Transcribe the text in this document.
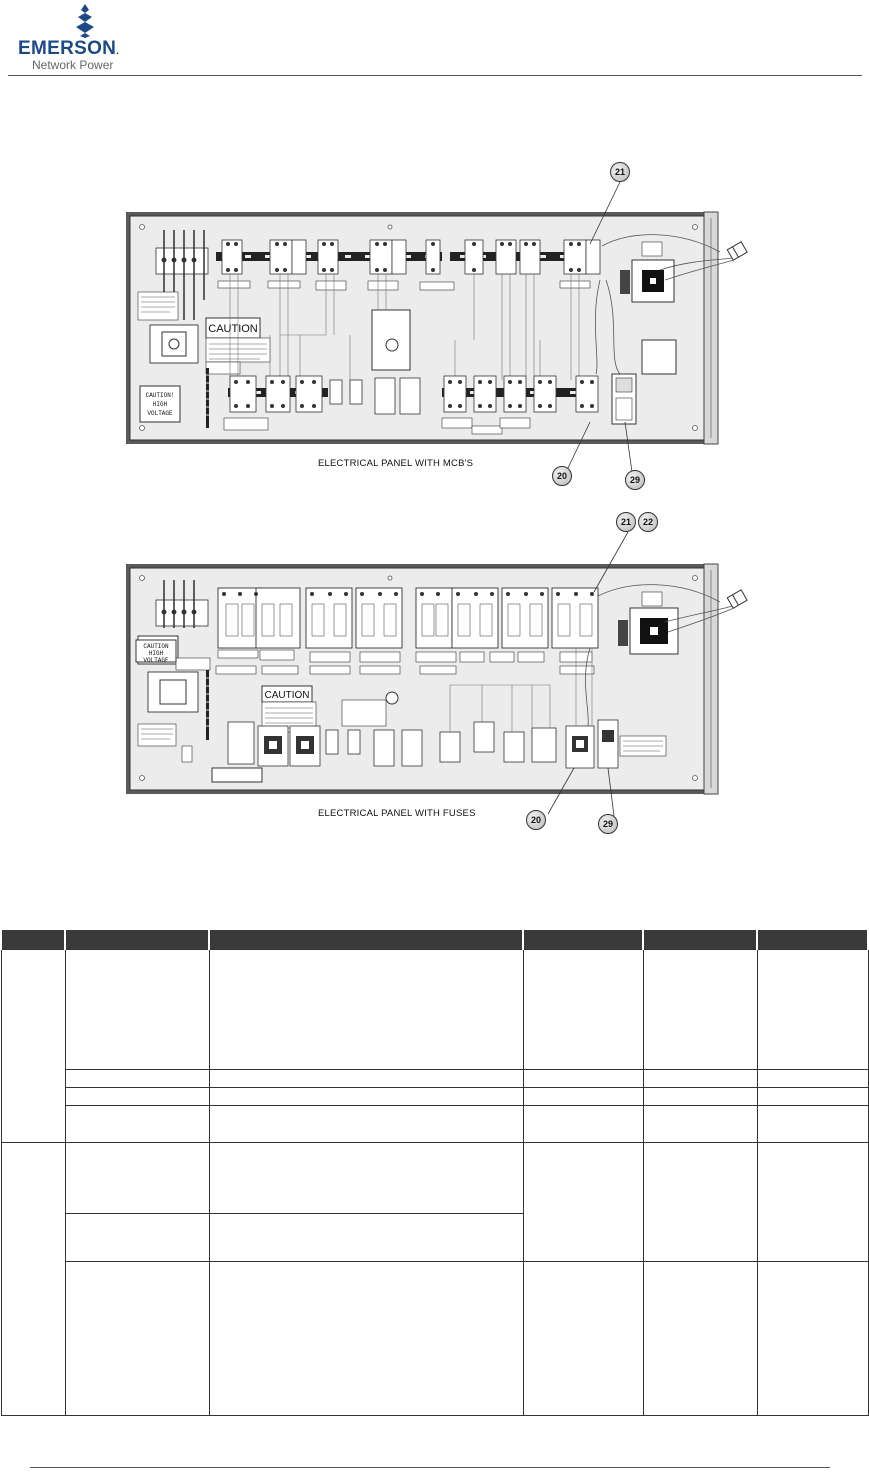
EMERSON.
Network Power
CAUTION
CAUTION!
HIGH
VOLTAGE
ELECTRICAL PANEL WITH MCB'S
21
20	29
CAUTION
CAUTION
HIGH
VOLTAGE
ELECTRICAL PANEL WITH FUSES
21	22
20	29
